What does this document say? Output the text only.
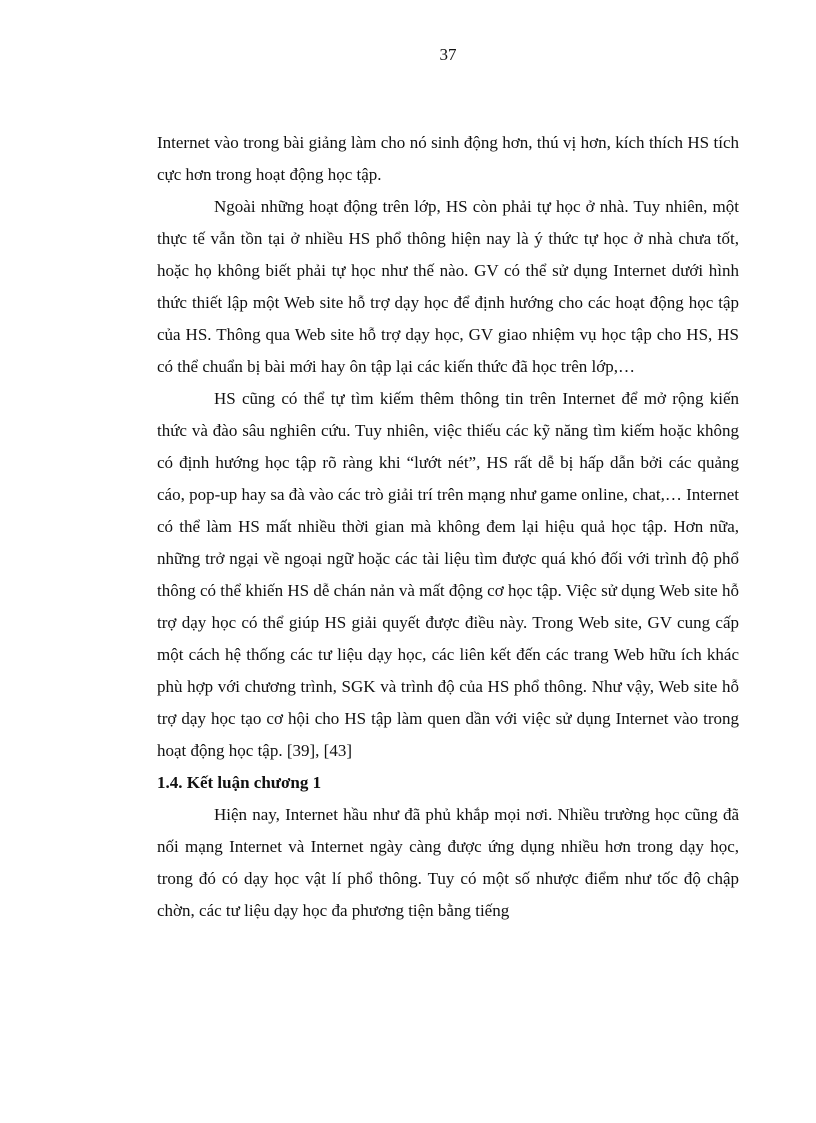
37

Internet vào trong bài giảng làm cho nó sinh động hơn, thú vị hơn, kích thích HS tích cực hơn trong hoạt động học tập.

Ngoài những hoạt động trên lớp, HS còn phải tự học ở nhà. Tuy nhiên, một thực tế vẫn tồn tại ở nhiều HS phổ thông hiện nay là ý thức tự học ở nhà chưa tốt, hoặc họ không biết phải tự học như thế nào. GV có thể sử dụng Internet dưới hình thức thiết lập một Web site hỗ trợ dạy học để định hướng cho các hoạt động học tập của HS. Thông qua Web site hỗ trợ dạy học, GV giao nhiệm vụ học tập cho HS, HS có thể chuẩn bị bài mới hay ôn tập lại các kiến thức đã học trên lớp,…

HS cũng có thể tự tìm kiếm thêm thông tin trên Internet để mở rộng kiến thức và đào sâu nghiên cứu. Tuy nhiên, việc thiếu các kỹ năng tìm kiếm hoặc không có định hướng học tập rõ ràng khi “lướt nét”, HS rất dễ bị hấp dẫn bởi các quảng cáo, pop-up hay sa đà vào các trò giải trí trên mạng như game online, chat,… Internet có thể làm HS mất nhiều thời gian mà không đem lại hiệu quả học tập. Hơn nữa, những trở ngại về ngoại ngữ hoặc các tài liệu tìm được quá khó đối với trình độ phổ thông có thể khiến HS dễ chán nản và mất động cơ học tập. Việc sử dụng Web site hỗ trợ dạy học có thể giúp HS giải quyết được điều này. Trong Web site, GV cung cấp một cách hệ thống các tư liệu dạy học, các liên kết đến các trang Web hữu ích khác phù hợp với chương trình, SGK và trình độ của HS phổ thông. Như vậy, Web site hỗ trợ dạy học tạo cơ hội cho HS tập làm quen dần với việc sử dụng Internet vào trong hoạt động học tập. [39], [43]

1.4. Kết luận chương 1

Hiện nay, Internet hầu như đã phủ khắp mọi nơi. Nhiều trường học cũng đã nối mạng Internet và Internet ngày càng được ứng dụng nhiều hơn trong dạy học, trong đó có dạy học vật lí phổ thông. Tuy có một số nhược điểm như tốc độ chập chờn, các tư liệu dạy học đa phương tiện bằng tiếng
